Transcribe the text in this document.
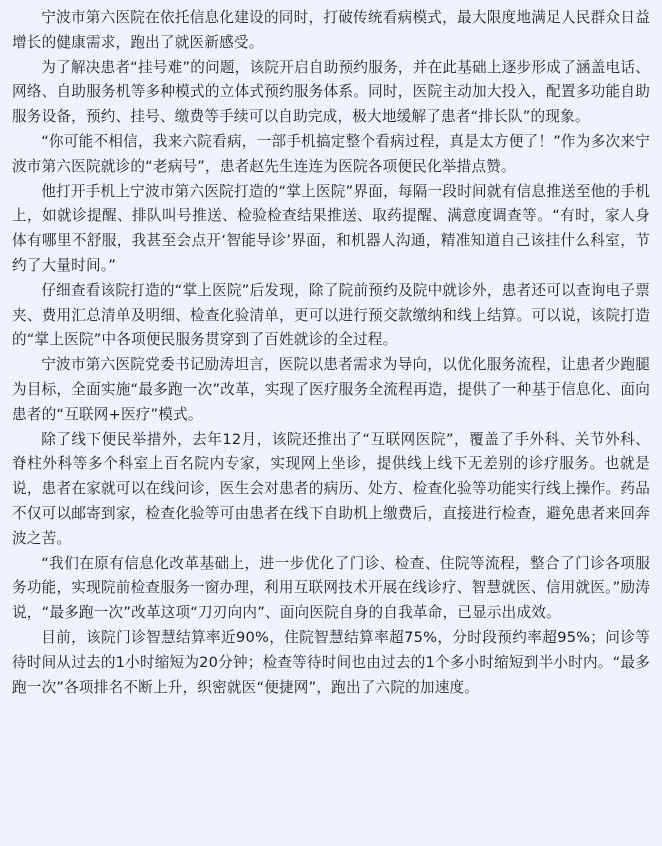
宁波市第六医院在依托信息化建设的同时，打破传统看病模式，最大限度地满足人民群众日益增长的健康需求，跑出了就医新感受。

为了解决患者“挂号难”的问题，该院开启自助预约服务，并在此基础上逐步形成了涵盖电话、网络、自助服务机等多种模式的立体式预约服务体系。同时，医院主动加大投入，配置多功能自助服务设备，预约、挂号、缴费等手续可以自助完成，极大地缓解了患者“排长队”的现象。

“你可能不相信，我来六院看病，一部手机搞定整个看病过程，真是太方便了！”作为多次来宁波市第六医院就诊的“老病号”，患者赵先生连连为医院各项便民化举措点赞。

他打开手机上宁波市第六医院打造的“掌上医院”界面，每隔一段时间就有信息推送至他的手机上，如就诊提醒、排队叫号推送、检验检查结果推送、取药提醒、满意度调查等。“有时，家人身体有哪里不舒服，我甚至会点开‘智能导诊’界面，和机器人沟通，精准知道自己该挂什么科室，节约了大量时间。”

仔细查看该院打造的“掌上医院”后发现，除了院前预约及院中就诊外，患者还可以查询电子票夹、费用汇总清单及明细、检查化验清单，更可以进行预交款缴纳和线上结算。可以说，该院打造的“掌上医院”中各项便民服务贯穿到了百姓就诊的全过程。

宁波市第六医院党委书记励涛坦言，医院以患者需求为导向，以优化服务流程，让患者少跑腿为目标，全面实施“最多跑一次”改革，实现了医疗服务全流程再造，提供了一种基于信息化、面向患者的“互联网+医疗”模式。

除了线下便民举措外，去年12月，该院还推出了“互联网医院”，覆盖了手外科、关节外科、脊柱外科等多个科室上百名院内专家，实现网上坐诊，提供线上线下无差别的诊疗服务。也就是说，患者在家就可以在线问诊，医生会对患者的病历、处方、检查化验等功能实行线上操作。药品不仅可以邮寄到家，检查化验等可由患者在线下自助机上缴费后，直接进行检查，避免患者来回奔波之苦。

“我们在原有信息化改革基础上，进一步优化了门诊、检查、住院等流程，整合了门诊各项服务功能，实现院前检查服务一窗办理，利用互联网技术开展在线诊疗、智慧就医、信用就医。”励涛说，“最多跑一次”改革这项“刀刃向内”、面向医院自身的自我革命，已显示出成效。

目前，该院门诊智慧结算率近90%，住院智慧结算率超75%，分时段预约率超95%；问诊等待时间从过去的1小时缩短为20分钟；检查等待时间也由过去的1个多小时缩短到半小时内。“最多跑一次”各项排名不断上升，织密就医“便捷网”，跑出了六院的加速度。
